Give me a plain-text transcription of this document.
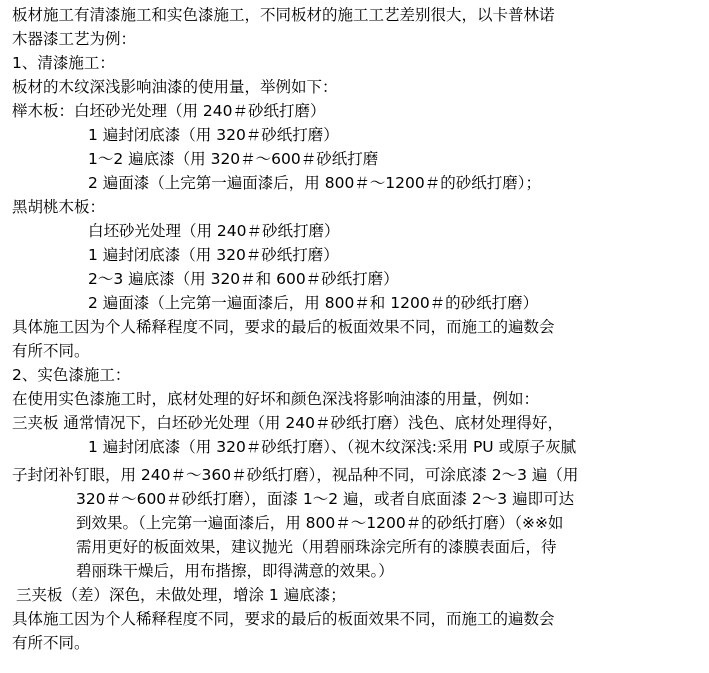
板材施工有清漆施工和实色漆施工，不同板材的施工工艺差别很大，以卡普林诺
木器漆工艺为例：
1、清漆施工：
板材的木纹深浅影响油漆的使用量，举例如下：
榉木板：白坯砂光处理（用 240＃砂纸打磨）
1 遍封闭底漆（用 320＃砂纸打磨）
1～2 遍底漆（用 320＃～600＃砂纸打磨
2 遍面漆（上完第一遍面漆后，用 800＃～1200＃的砂纸打磨）；
黑胡桃木板：
白坯砂光处理（用 240＃砂纸打磨）
1 遍封闭底漆（用 320＃砂纸打磨）
2～3 遍底漆（用 320＃和 600＃砂纸打磨）
2 遍面漆（上完第一遍面漆后，用 800＃和 1200＃的砂纸打磨）
具体施工因为个人稀释程度不同，要求的最后的板面效果不同，而施工的遍数会
有所不同。
2、实色漆施工：
在使用实色漆施工时，底材处理的好坏和颜色深浅将影响油漆的用量，例如：
三夹板 通常情况下，白坯砂光处理（用 240＃砂纸打磨）浅色、底材处理得好，
1 遍封闭底漆（用 320＃砂纸打磨）、（视木纹深浅:采用 PU 或原子灰腻
子封闭补钉眼，用 240＃～360＃砂纸打磨），视品种不同，可涂底漆 2～3 遍（用
320＃～600＃砂纸打磨），面漆 1～2 遍，或者自底面漆 2～3 遍即可达
到效果。（上完第一遍面漆后，用 800＃～1200＃的砂纸打磨）（※※如
需用更好的板面效果，建议抛光（用碧丽珠涂完所有的漆膜表面后，待
碧丽珠干燥后，用布揩擦，即得满意的效果。）
三夹板（差）深色，未做处理，增涂 1 遍底漆；
具体施工因为个人稀释程度不同，要求的最后的板面效果不同，而施工的遍数会
有所不同。
